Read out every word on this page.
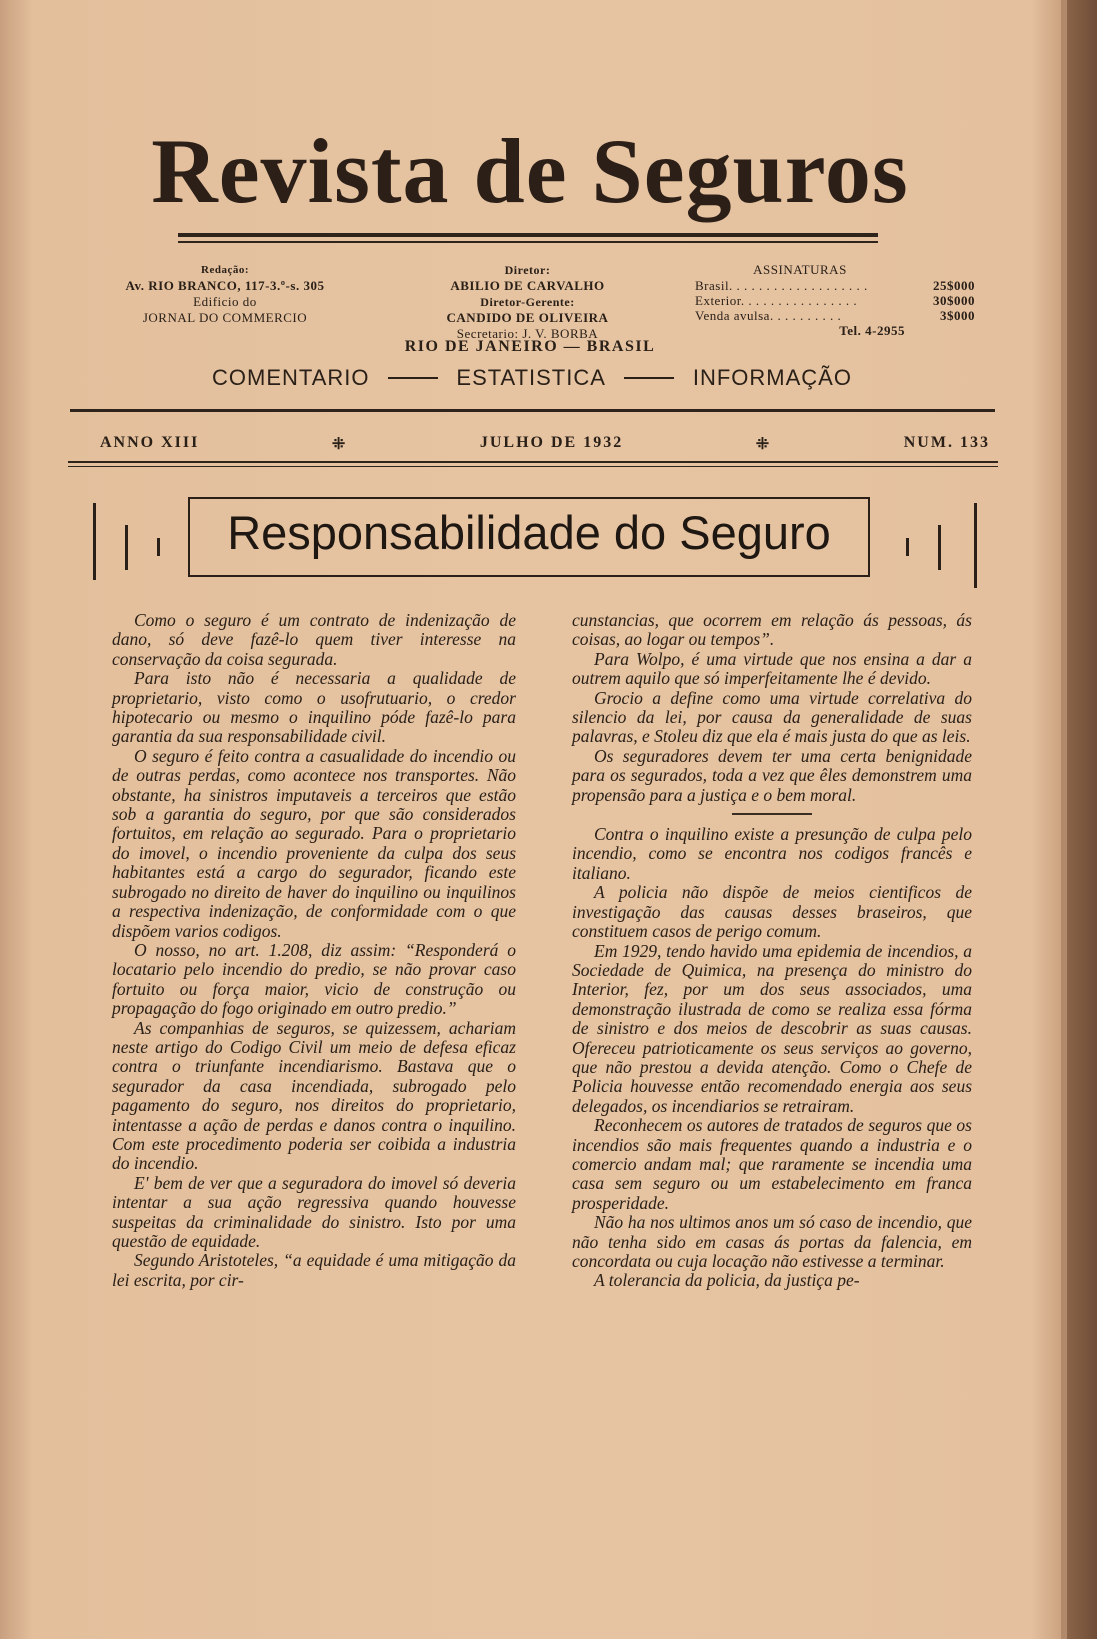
Revista de Seguros
Redação:
Av. RIO BRANCO, 117-3.º-s. 305
Edificio do
JORNAL DO COMMERCIO
Diretor:
ABILIO DE CARVALHO
Diretor-Gerente:
CANDIDO DE OLIVEIRA
Secretario: J. V. BORBA
ASSINATURAS
Brasil. . . . . . . . . . . . . . . . . . .	25$000
Exterior. . . . . . . . . . . . . . . .	30$000
Venda avulsa. . . . . . . . . .	3$000
Tel. 4-2955
RIO DE JANEIRO — BRASIL
COMENTARIO	ESTATISTICA	INFORMAÇÃO
ANNO XIII	⁜	JULHO DE 1932	⁜	NUM. 133
Responsabilidade do Seguro

Como o seguro é um contrato de indenização de dano, só deve fazê-lo quem tiver interesse na conservação da coisa segurada.

Para isto não é necessaria a qualidade de proprietario, visto como o usofrutuario, o credor hipotecario ou mesmo o inquilino póde fazê-lo para garantia da sua responsabilidade civil.

O seguro é feito contra a casualidade do incendio ou de outras perdas, como acontece nos transportes. Não obstante, ha sinistros imputaveis a terceiros que estão sob a garantia do seguro, por que são considerados fortuitos, em relação ao segurado. Para o proprietario do imovel, o incendio proveniente da culpa dos seus habitantes está a cargo do segurador, ficando este subrogado no direito de haver do inquilino ou inquilinos a respectiva indenização, de conformidade com o que dispõem varios codigos.

O nosso, no art. 1.208, diz assim: “Responderá o locatario pelo incendio do predio, se não provar caso fortuito ou força maior, vicio de construção ou propagação do fogo originado em outro predio.”

As companhias de seguros, se quizessem, achariam neste artigo do Codigo Civil um meio de defesa eficaz contra o triunfante incendiarismo. Bastava que o segurador da casa incendiada, subrogado pelo pagamento do seguro, nos direitos do proprietario, intentasse a ação de perdas e danos contra o inquilino. Com este procedimento poderia ser coibida a industria do incendio.

E' bem de ver que a seguradora do imovel só deveria intentar a sua ação regressiva quando houvesse suspeitas da criminalidade do sinistro. Isto por uma questão de equidade.

Segundo Aristoteles, “a equidade é uma mitigação da lei escrita, por cir-

cunstancias, que ocorrem em relação ás pessoas, ás coisas, ao logar ou tempos”.

Para Wolpo, é uma virtude que nos ensina a dar a outrem aquilo que só imperfeitamente lhe é devido.

Grocio a define como uma virtude correlativa do silencio da lei, por causa da generalidade de suas palavras, e Stoleu diz que ela é mais justa do que as leis.

Os seguradores devem ter uma certa benignidade para os segurados, toda a vez que êles demonstrem uma propensão para a justiça e o bem moral.

Contra o inquilino existe a presunção de culpa pelo incendio, como se encontra nos codigos francês e italiano.

A policia não dispõe de meios cientificos de investigação das causas desses braseiros, que constituem casos de perigo comum.

Em 1929, tendo havido uma epidemia de incendios, a Sociedade de Quimica, na presença do ministro do Interior, fez, por um dos seus associados, uma demonstração ilustrada de como se realiza essa fórma de sinistro e dos meios de descobrir as suas causas. Ofereceu patrioticamente os seus serviços ao governo, que não prestou a devida atenção. Como o Chefe de Policia houvesse então recomendado energia aos seus delegados, os incendiarios se retrairam.

Reconhecem os autores de tratados de seguros que os incendios são mais frequentes quando a industria e o comercio andam mal; que raramente se incendia uma casa sem seguro ou um estabelecimento em franca prosperidade.

Não ha nos ultimos anos um só caso de incendio, que não tenha sido em casas ás portas da falencia, em concordata ou cuja locação não estivesse a terminar.

A tolerancia da policia, da justiça pe-
